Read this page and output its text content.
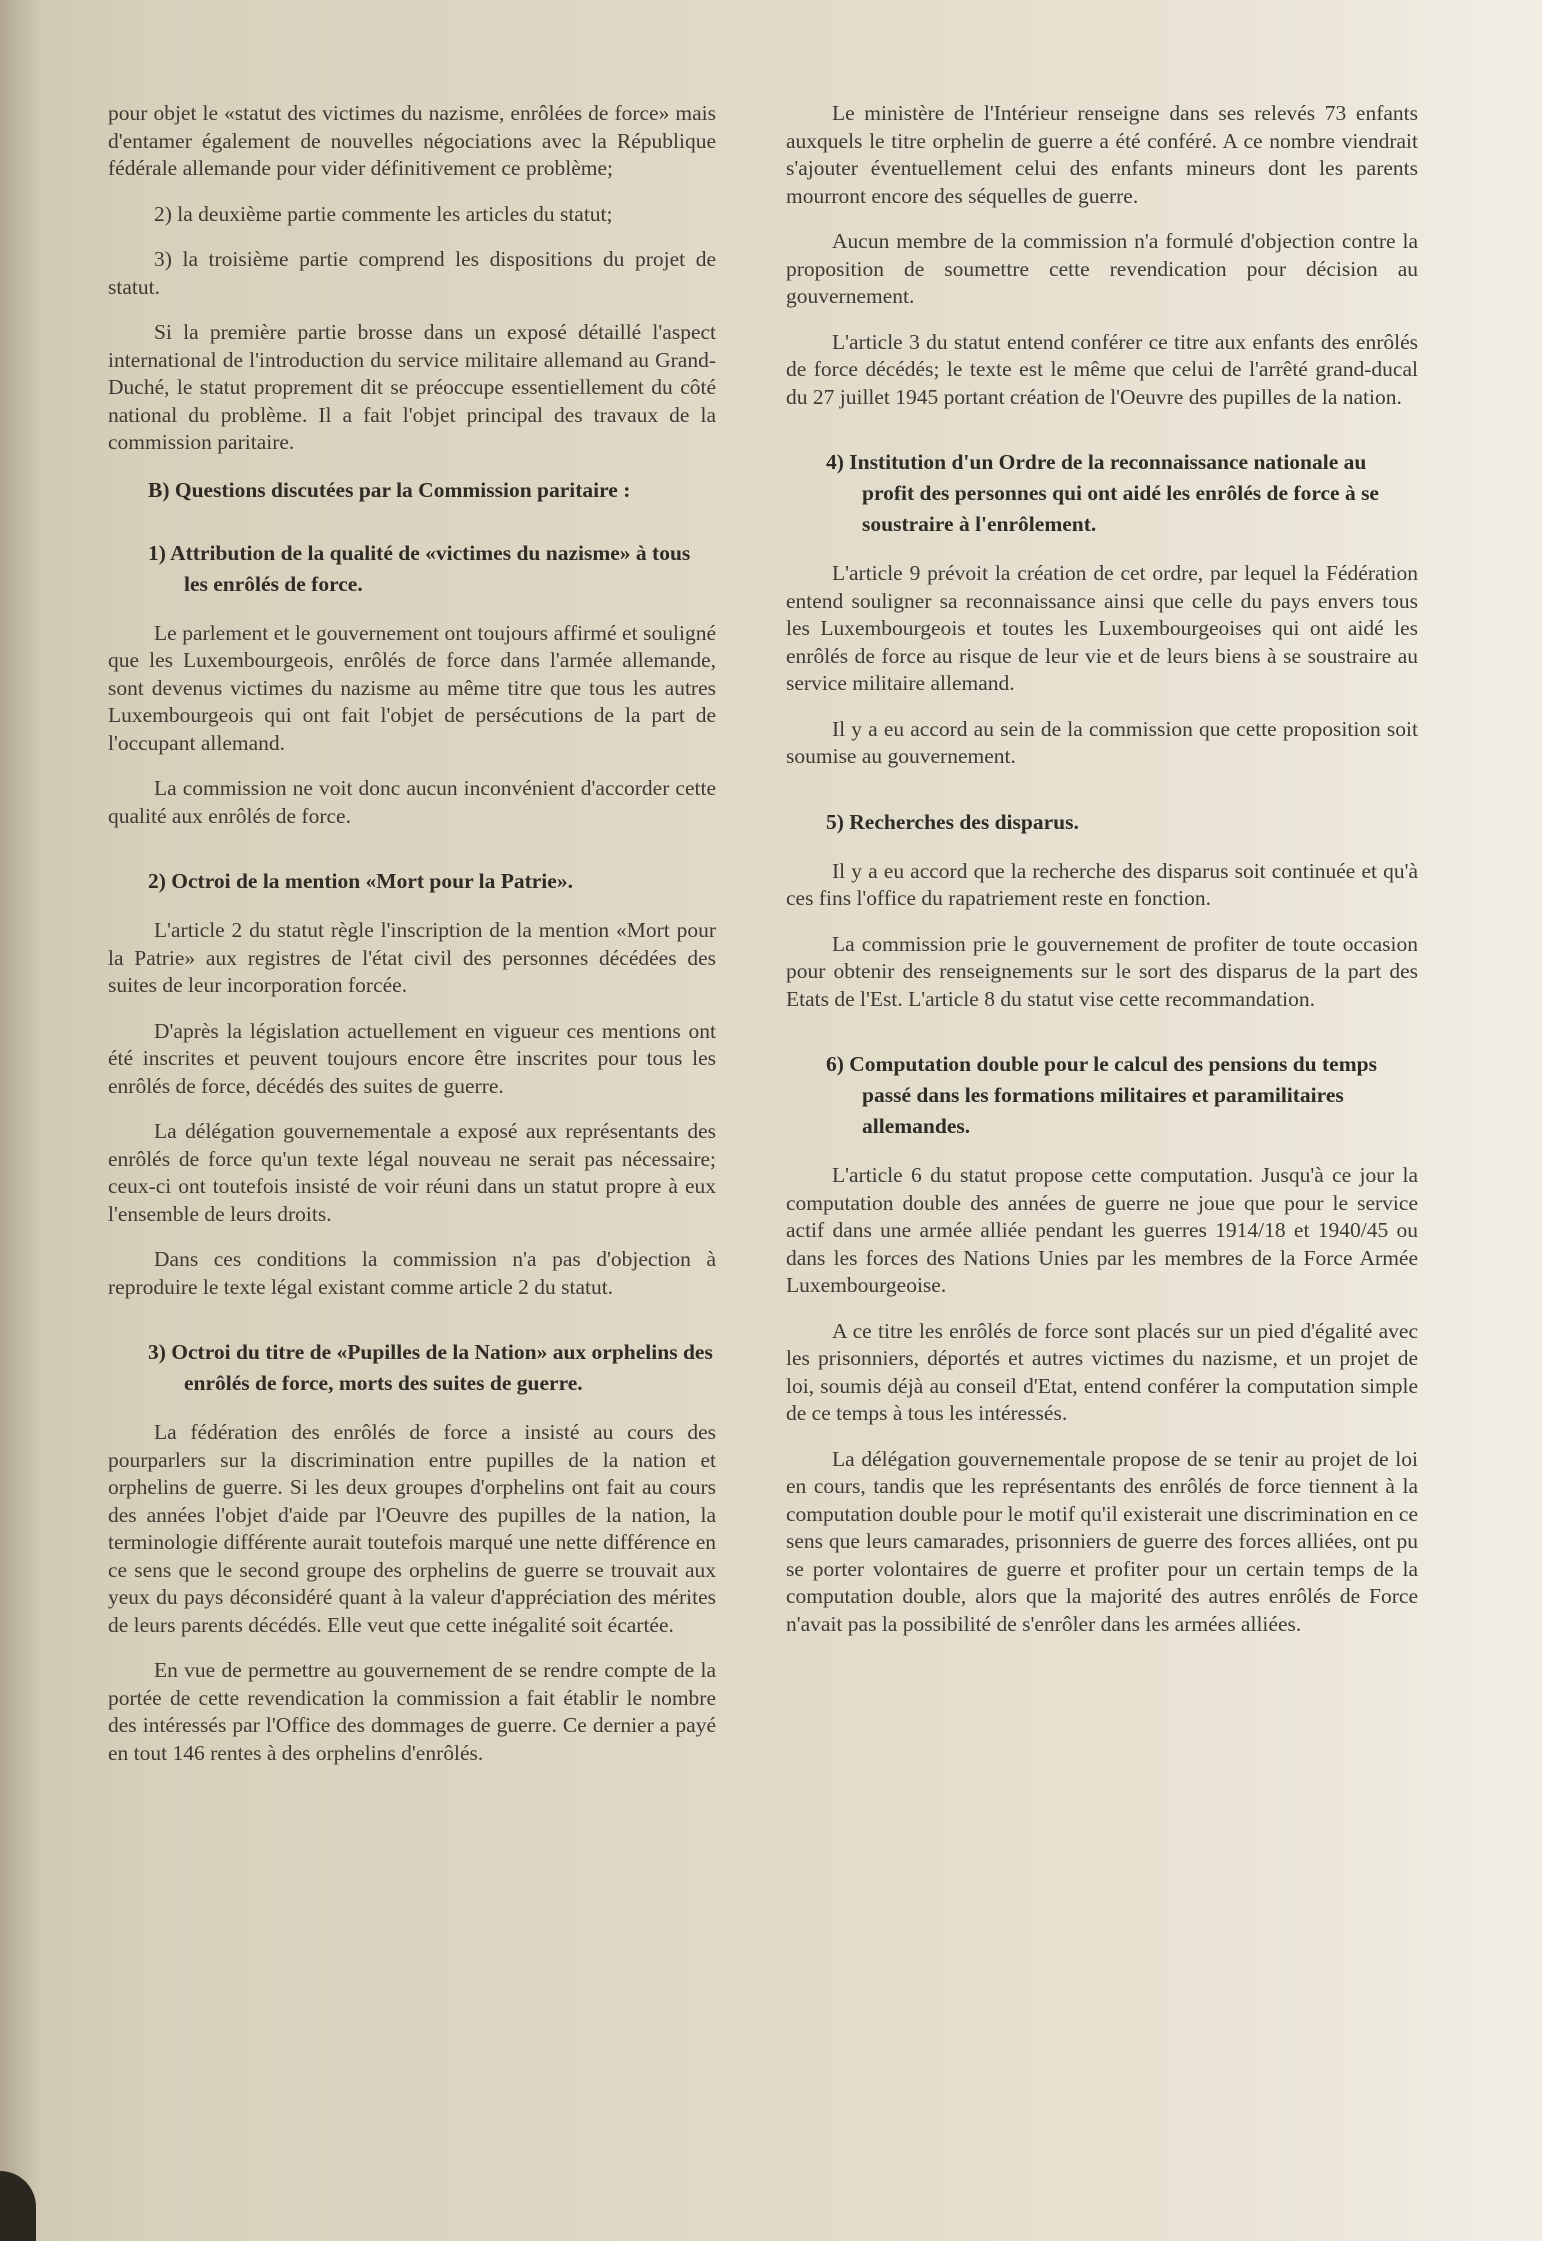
pour objet le «statut des victimes du nazisme, enrôlées de force» mais d'entamer également de nouvelles négociations avec la République fédérale allemande pour vider définitivement ce problème;

2) la deuxième partie commente les articles du statut;

3) la troisième partie comprend les dispositions du projet de statut.

Si la première partie brosse dans un exposé détaillé l'aspect international de l'introduction du service militaire allemand au Grand-Duché, le statut proprement dit se préoccupe essentiellement du côté national du problème. Il a fait l'objet principal des travaux de la commission paritaire.

B) Questions discutées par la Commission paritaire :
1) Attribution de la qualité de «victimes du nazisme» à tous les enrôlés de force.

Le parlement et le gouvernement ont toujours affirmé et souligné que les Luxembourgeois, enrôlés de force dans l'armée allemande, sont devenus victimes du nazisme au même titre que tous les autres Luxembourgeois qui ont fait l'objet de persécutions de la part de l'occupant allemand.

La commission ne voit donc aucun inconvénient d'accorder cette qualité aux enrôlés de force.

2) Octroi de la mention «Mort pour la Patrie».

L'article 2 du statut règle l'inscription de la mention «Mort pour la Patrie» aux registres de l'état civil des personnes décédées des suites de leur incorporation forcée.

D'après la législation actuellement en vigueur ces mentions ont été inscrites et peuvent toujours encore être inscrites pour tous les enrôlés de force, décédés des suites de guerre.

La délégation gouvernementale a exposé aux représentants des enrôlés de force qu'un texte légal nouveau ne serait pas nécessaire; ceux-ci ont toutefois insisté de voir réuni dans un statut propre à eux l'ensemble de leurs droits.

Dans ces conditions la commission n'a pas d'objection à reproduire le texte légal existant comme article 2 du statut.

3) Octroi du titre de «Pupilles de la Nation» aux orphelins des enrôlés de force, morts des suites de guerre.

La fédération des enrôlés de force a insisté au cours des pourparlers sur la discrimination entre pupilles de la nation et orphelins de guerre. Si les deux groupes d'orphelins ont fait au cours des années l'objet d'aide par l'Oeuvre des pupilles de la nation, la terminologie différente aurait toutefois marqué une nette différence en ce sens que le second groupe des orphelins de guerre se trouvait aux yeux du pays déconsidéré quant à la valeur d'appréciation des mérites de leurs parents décédés. Elle veut que cette inégalité soit écartée.

En vue de permettre au gouvernement de se rendre compte de la portée de cette revendication la commission a fait établir le nombre des intéressés par l'Office des dommages de guerre. Ce dernier a payé en tout 146 rentes à des orphelins d'enrôlés.

Le ministère de l'Intérieur renseigne dans ses relevés 73 enfants auxquels le titre orphelin de guerre a été conféré. A ce nombre viendrait s'ajouter éventuellement celui des enfants mineurs dont les parents mourront encore des séquelles de guerre.

Aucun membre de la commission n'a formulé d'objection contre la proposition de soumettre cette revendication pour décision au gouvernement.

L'article 3 du statut entend conférer ce titre aux enfants des enrôlés de force décédés; le texte est le même que celui de l'arrêté grand-ducal du 27 juillet 1945 portant création de l'Oeuvre des pupilles de la nation.

4) Institution d'un Ordre de la reconnaissance nationale au profit des personnes qui ont aidé les enrôlés de force à se soustraire à l'enrôlement.

L'article 9 prévoit la création de cet ordre, par lequel la Fédération entend souligner sa reconnaissance ainsi que celle du pays envers tous les Luxembourgeois et toutes les Luxembourgeoises qui ont aidé les enrôlés de force au risque de leur vie et de leurs biens à se soustraire au service militaire allemand.

Il y a eu accord au sein de la commission que cette proposition soit soumise au gouvernement.

5) Recherches des disparus.

Il y a eu accord que la recherche des disparus soit continuée et qu'à ces fins l'office du rapatriement reste en fonction.

La commission prie le gouvernement de profiter de toute occasion pour obtenir des renseignements sur le sort des disparus de la part des Etats de l'Est. L'article 8 du statut vise cette recommandation.

6) Computation double pour le calcul des pensions du temps passé dans les formations militaires et paramilitaires allemandes.

L'article 6 du statut propose cette computation. Jusqu'à ce jour la computation double des années de guerre ne joue que pour le service actif dans une armée alliée pendant les guerres 1914/18 et 1940/45 ou dans les forces des Nations Unies par les membres de la Force Armée Luxembourgeoise.

A ce titre les enrôlés de force sont placés sur un pied d'égalité avec les prisonniers, déportés et autres victimes du nazisme, et un projet de loi, soumis déjà au conseil d'Etat, entend conférer la computation simple de ce temps à tous les intéressés.

La délégation gouvernementale propose de se tenir au projet de loi en cours, tandis que les représentants des enrôlés de force tiennent à la computation double pour le motif qu'il existerait une discrimination en ce sens que leurs camarades, prisonniers de guerre des forces alliées, ont pu se porter volontaires de guerre et profiter pour un certain temps de la computation double, alors que la majorité des autres enrôlés de Force n'avait pas la possibilité de s'enrôler dans les armées alliées.
